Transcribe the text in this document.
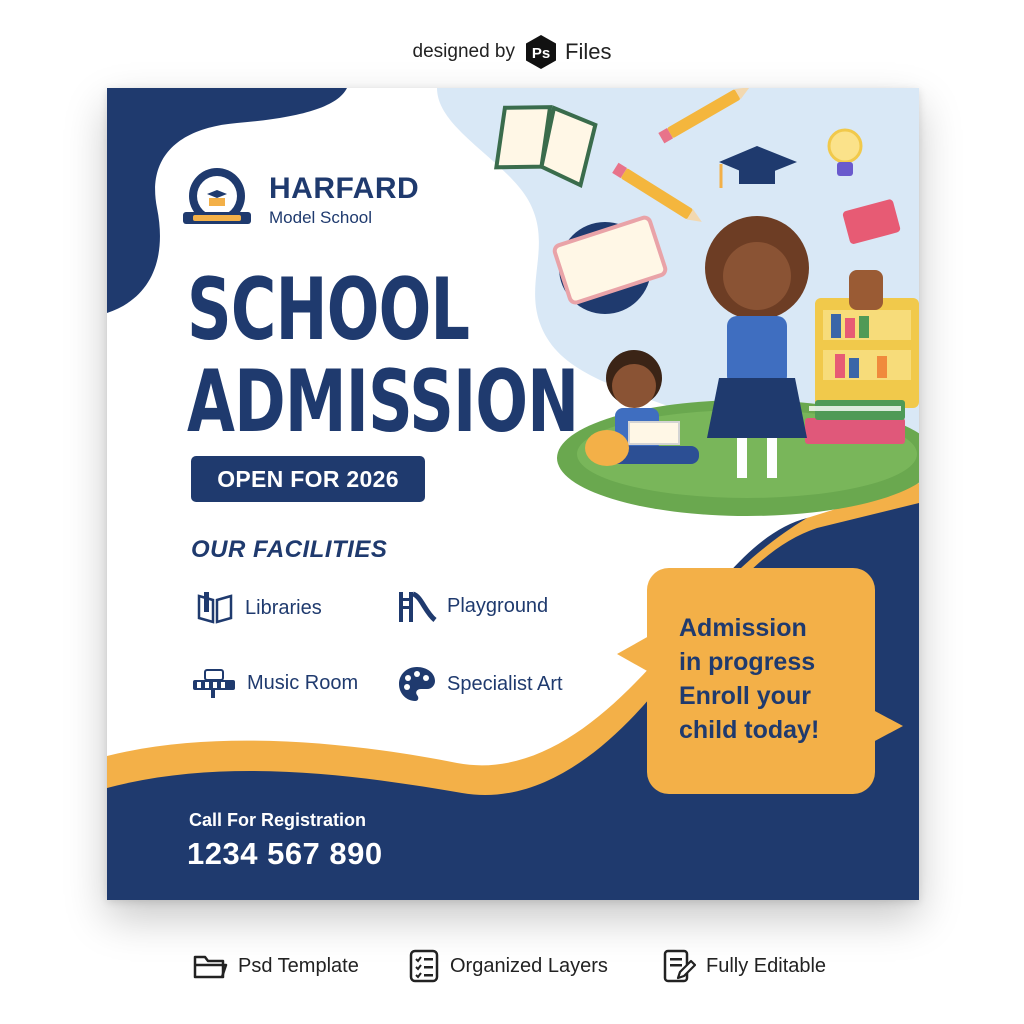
designed by Ps Files
HARFARD
Model School
SCHOOL
ADMISSION
OPEN FOR 2026
OUR FACILITIES
Libraries	Playground
Music Room	Specialist Art
Admission
in progress
Enroll your
child today!
Call For Registration
1234 567 890
Psd Template	Organized Layers	Fully Editable
